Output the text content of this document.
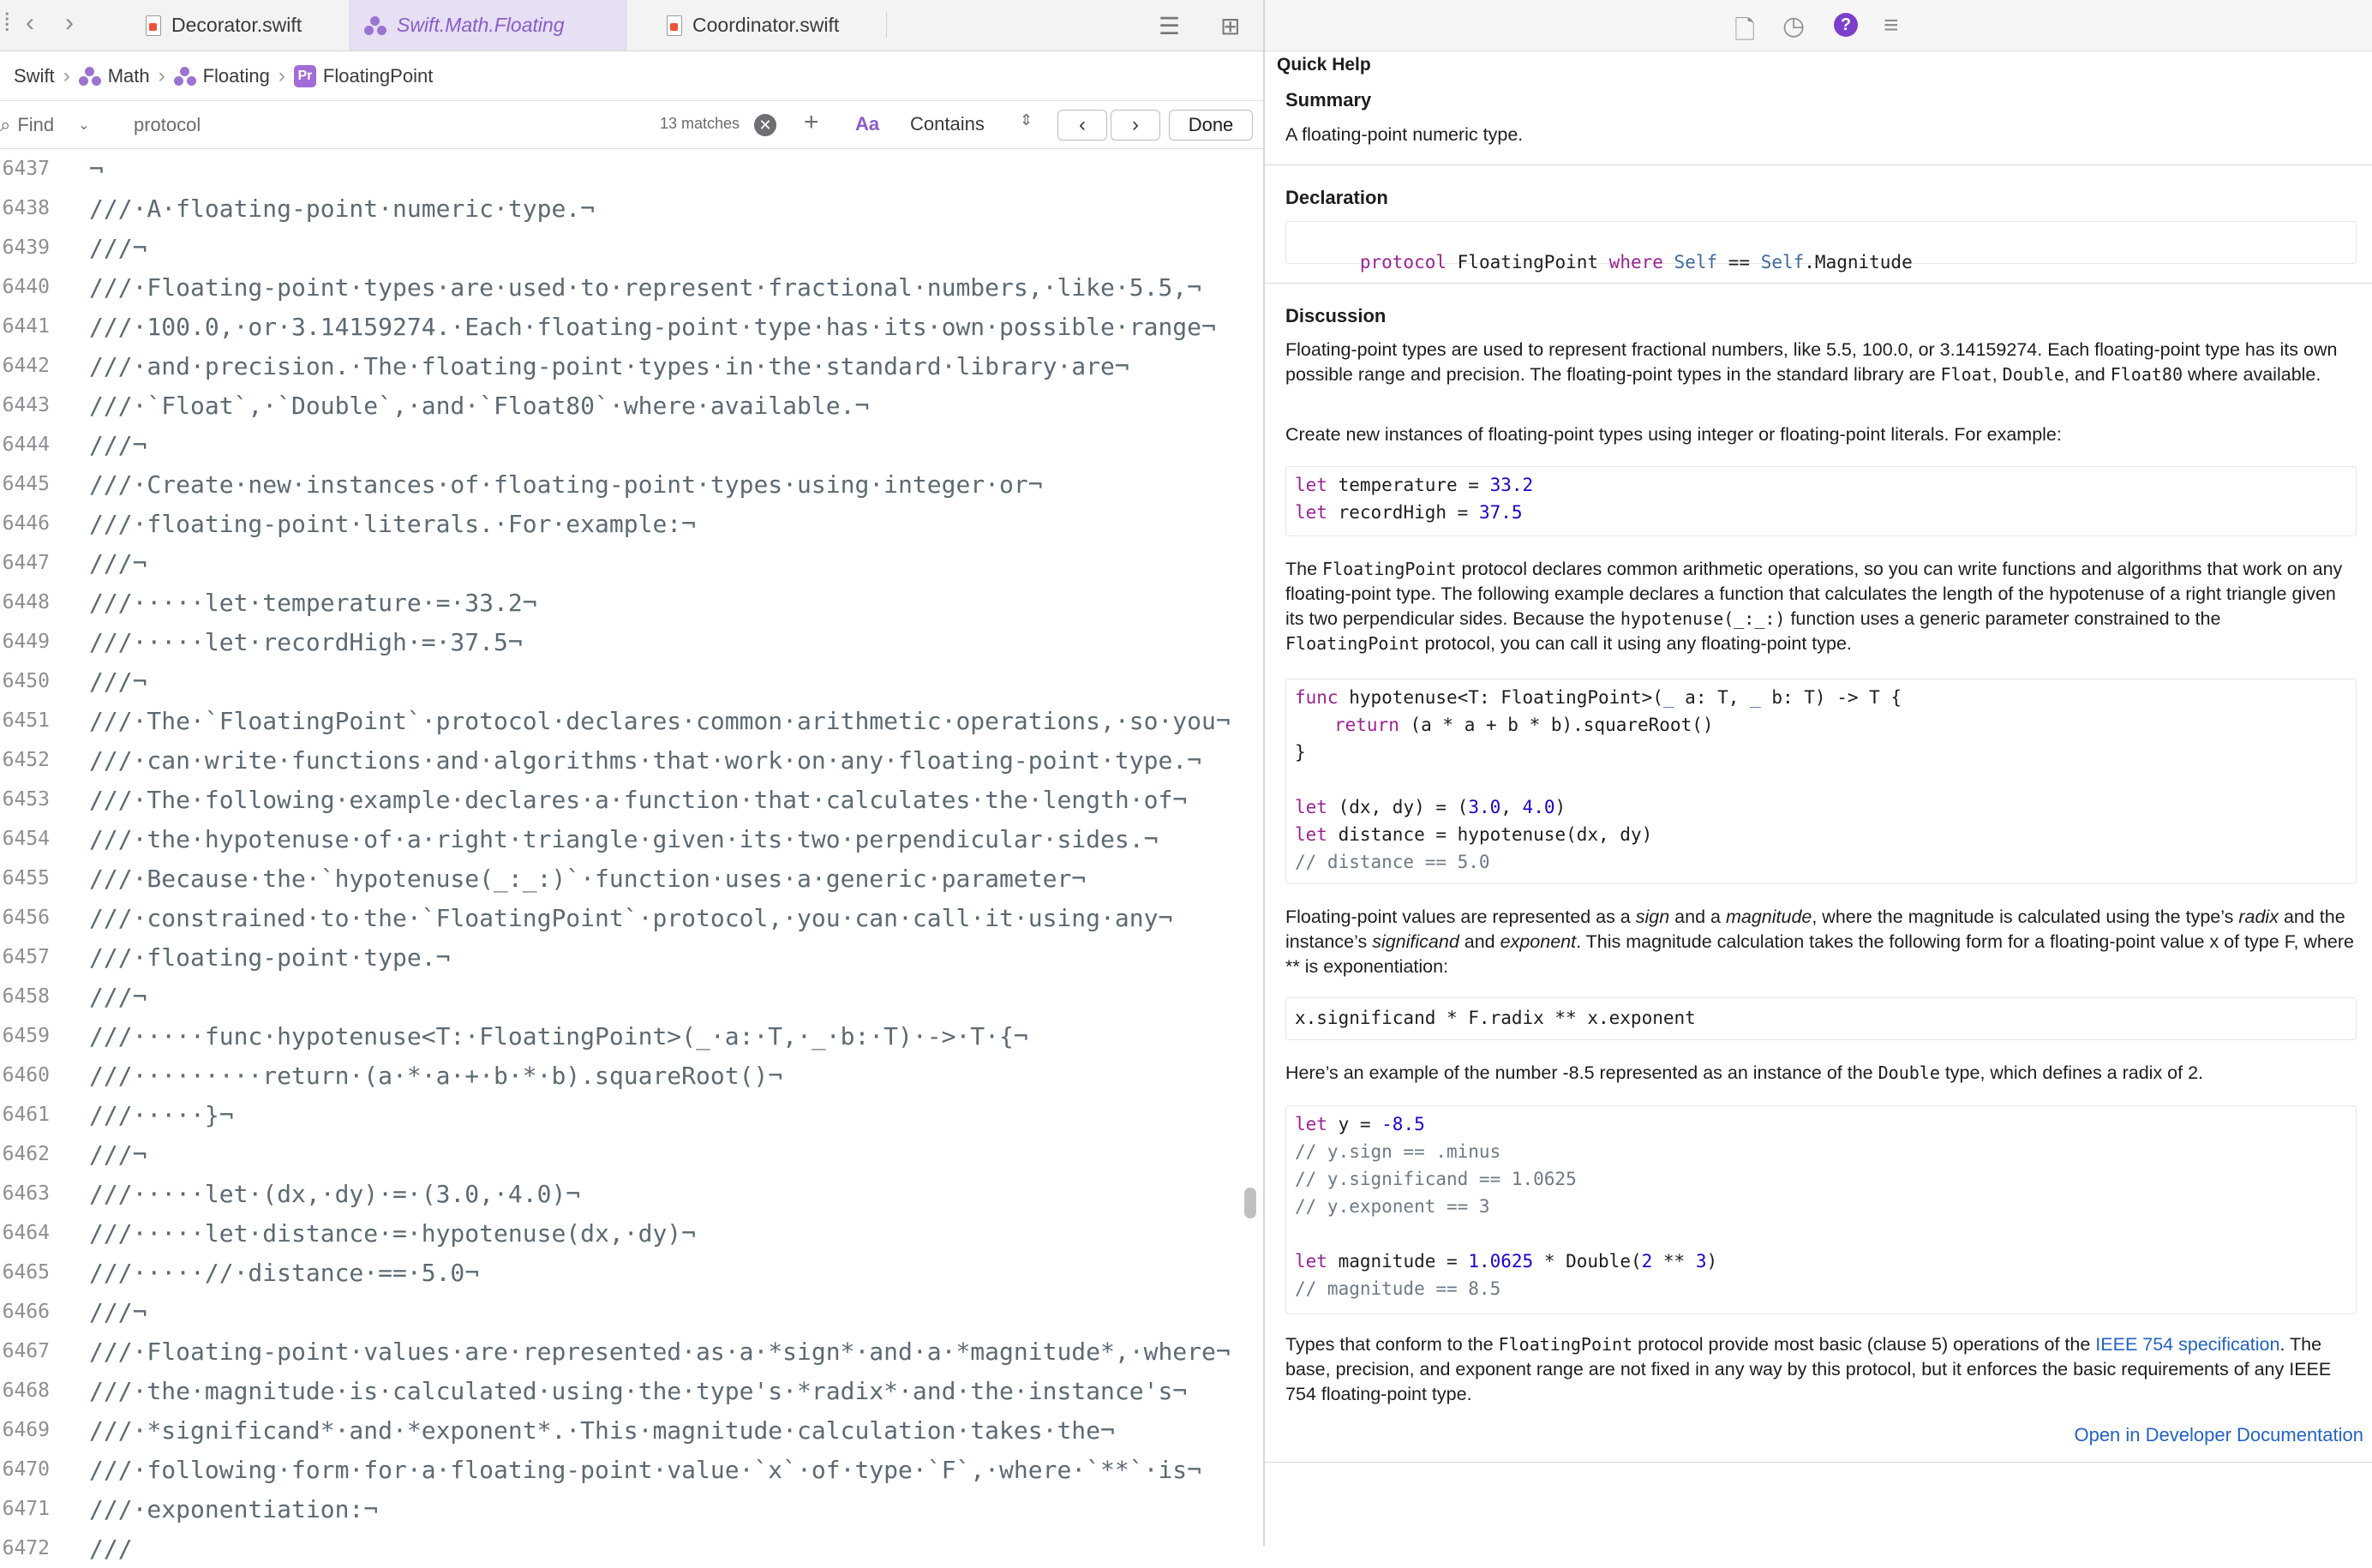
⁞ ‹ ›	Decorator.swift	Swift.Math.Floating	Coordinator.swift	☰ ⊞
Swift › Math › Floating › Pr FloatingPoint
⌕ Find ⌄ protocol	13 matches	✕ + Aa Contains ⇕	‹	›	Done
6437 ¬
6438 ///·A·floating-point·numeric·type.¬
6439 ///¬
6440 ///·Floating-point·types·are·used·to·represent·fractional·numbers,·like·5.5,¬
6441 ///·100.0,·or·3.14159274.·Each·floating-point·type·has·its·own·possible·range¬
6442 ///·and·precision.·The·floating-point·types·in·the·standard·library·are¬
6443 ///·`Float`,·`Double`,·and·`Float80`·where·available.¬
6444 ///¬
6445 ///·Create·new·instances·of·floating-point·types·using·integer·or¬
6446 ///·floating-point·literals.·For·example:¬
6447 ///¬
6448 ///·····let·temperature·=·33.2¬
6449 ///·····let·recordHigh·=·37.5¬
6450 ///¬
6451 ///·The·`FloatingPoint`·protocol·declares·common·arithmetic·operations,·so·you¬
6452 ///·can·write·functions·and·algorithms·that·work·on·any·floating-point·type.¬
6453 ///·The·following·example·declares·a·function·that·calculates·the·length·of¬
6454 ///·the·hypotenuse·of·a·right·triangle·given·its·two·perpendicular·sides.¬
6455 ///·Because·the·`hypotenuse(_:_:)`·function·uses·a·generic·parameter¬
6456 ///·constrained·to·the·`FloatingPoint`·protocol,·you·can·call·it·using·any¬
6457 ///·floating-point·type.¬
6458 ///¬
6459 ///·····func·hypotenuse<T:·FloatingPoint>(_·a:·T,·_·b:·T)·->·T·{¬
6460 ///·········return·(a·*·a·+·b·*·b).squareRoot()¬
6461 ///·····}¬
6462 ///¬
6463 ///·····let·(dx,·dy)·=·(3.0,·4.0)¬
6464 ///·····let·distance·=·hypotenuse(dx,·dy)¬
6465 ///·····//·distance·==·5.0¬
6466 ///¬
6467 ///·Floating-point·values·are·represented·as·a·*sign*·and·a·*magnitude*,·where¬
6468 ///·the·magnitude·is·calculated·using·the·type's·*radix*·and·the·instance's¬
6469 ///·*significand*·and·*exponent*.·This·magnitude·calculation·takes·the¬
6470 ///·following·form·for·a·floating-point·value·`x`·of·type·`F`,·where·`**`·is¬
6471 ///·exponentiation:¬
6472 ///
🗋 ◷	? ≡
Quick Help
Summary
A floating-point numeric type.
Declaration

protocol FloatingPoint where Self == Self.Magnitude

Discussion
Floating-point types are used to represent fractional numbers, like 5.5, 100.0, or 3.14159274. Each floating-point type has its own possible range and precision. The floating-point types in the standard library are Float, Double, and Float80 where available.
Create new instances of floating-point types using integer or floating-point literals. For example:
let temperature = 33.2
let recordHigh = 37.5
The FloatingPoint protocol declares common arithmetic operations, so you can write functions and algorithms that work on any floating-point type. The following example declares a function that calculates the length of the hypotenuse of a right triangle given its two perpendicular sides. Because the hypotenuse(_:_:) function uses a generic parameter constrained to the FloatingPoint protocol, you can call it using any floating-point type.
func hypotenuse<T: FloatingPoint>(_ a: T, _ b: T) -> T {
return (a * a + b * b).squareRoot()
}
let (dx, dy) = (3.0, 4.0)
let distance = hypotenuse(dx, dy)
// distance == 5.0
Floating-point values are represented as a sign and a magnitude, where the magnitude is calculated using the type’s radix and the instance’s significand and exponent. This magnitude calculation takes the following form for a floating-point value x of type F, where ** is exponentiation:
x.significand * F.radix ** x.exponent
Here’s an example of the number -8.5 represented as an instance of the Double type, which defines a radix of 2.
let y = -8.5
// y.sign == .minus
// y.significand == 1.0625
// y.exponent == 3
let magnitude = 1.0625 * Double(2 ** 3)
// magnitude == 8.5
Types that conform to the FloatingPoint protocol provide most basic (clause 5) operations of the IEEE 754 specification. The base, precision, and exponent range are not fixed in any way by this protocol, but it enforces the basic requirements of any IEEE 754 floating-point type.
Open in Developer Documentation
